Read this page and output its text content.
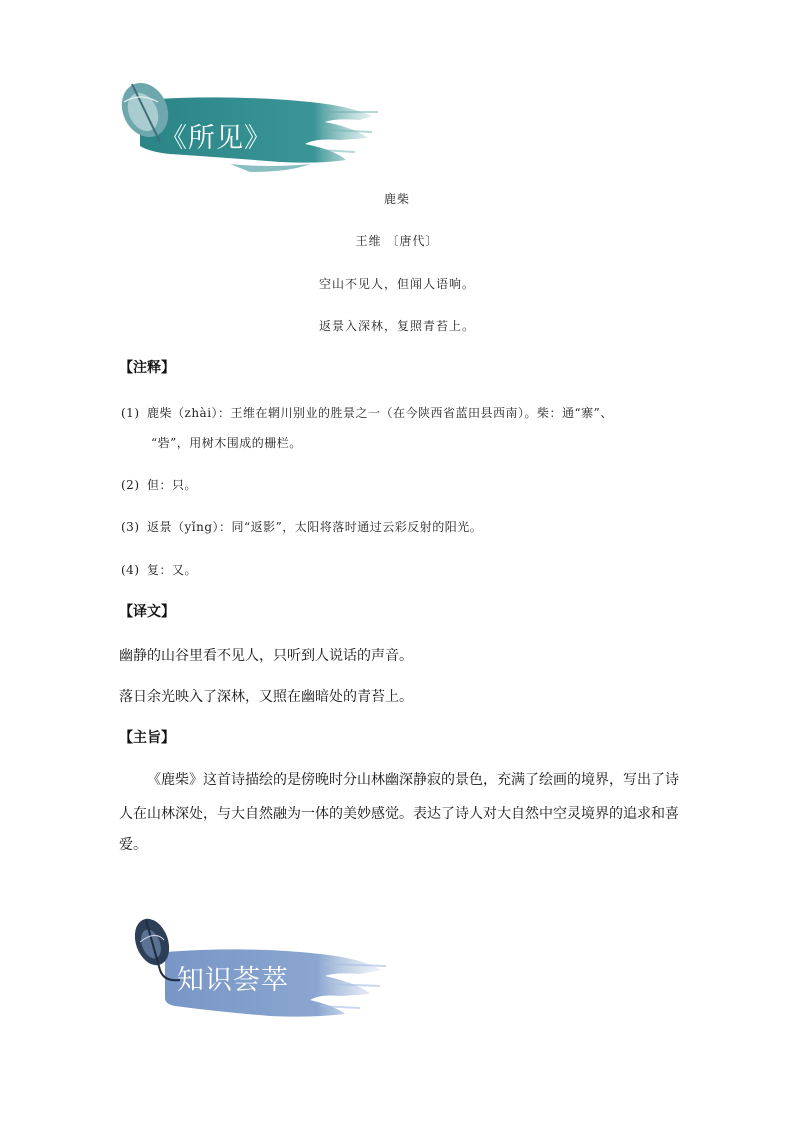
《所见》
鹿柴
王维 〔唐代〕
空山不见人，但闻人语响。
返景入深林，复照青苔上。
【注释】
(1) 鹿柴（zhài）：王维在辋川别业的胜景之一（在今陕西省蓝田县西南）。柴：通“寨”、
“砦”，用树木围成的栅栏。
(2) 但：只。
(3) 返景（yǐng）：同“返影”，太阳将落时通过云彩反射的阳光。
(4) 复：又。
【译文】
幽静的山谷里看不见人，只听到人说话的声音。
落日余光映入了深林，又照在幽暗处的青苔上。
【主旨】
《鹿柴》这首诗描绘的是傍晚时分山林幽深静寂的景色，充满了绘画的境界，写出了诗
人在山林深处，与大自然融为一体的美妙感觉。表达了诗人对大自然中空灵境界的追求和喜
爱。
知识荟萃
